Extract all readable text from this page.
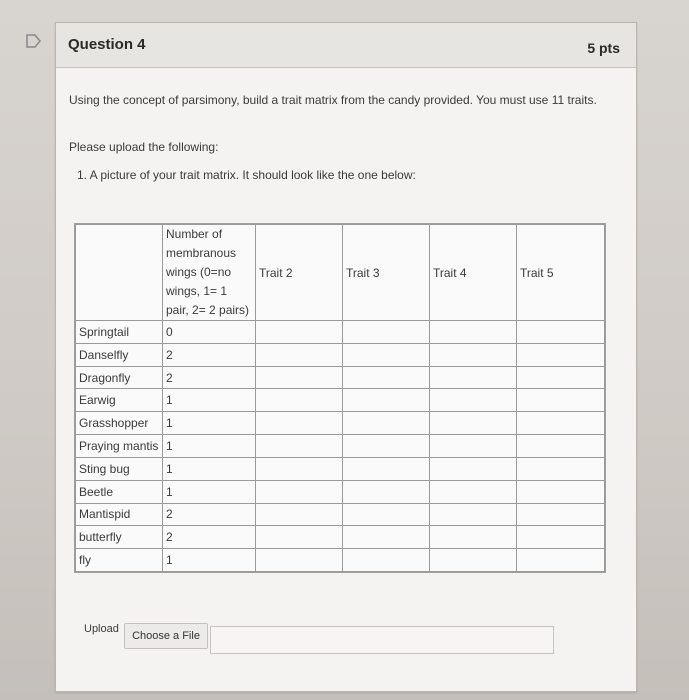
Question 4	5 pts
Using the concept of parsimony, build a trait matrix from the candy provided. You must use 11 traits.
Please upload the following:
1. A picture of your trait matrix. It should look like the one below:
	Number of membranous wings (0=no wings, 1= 1 pair, 2= 2 pairs)	Trait 2	Trait 3	Trait 4	Trait 5
Springtail	0				
Danselfly	2				
Dragonfly	2				
Earwig	1				
Grasshopper	1				
Praying mantis	1				
Sting bug	1				
Beetle	1				
Mantispid	2				
butterfly	2				
fly	1				
Upload
Choose a File
